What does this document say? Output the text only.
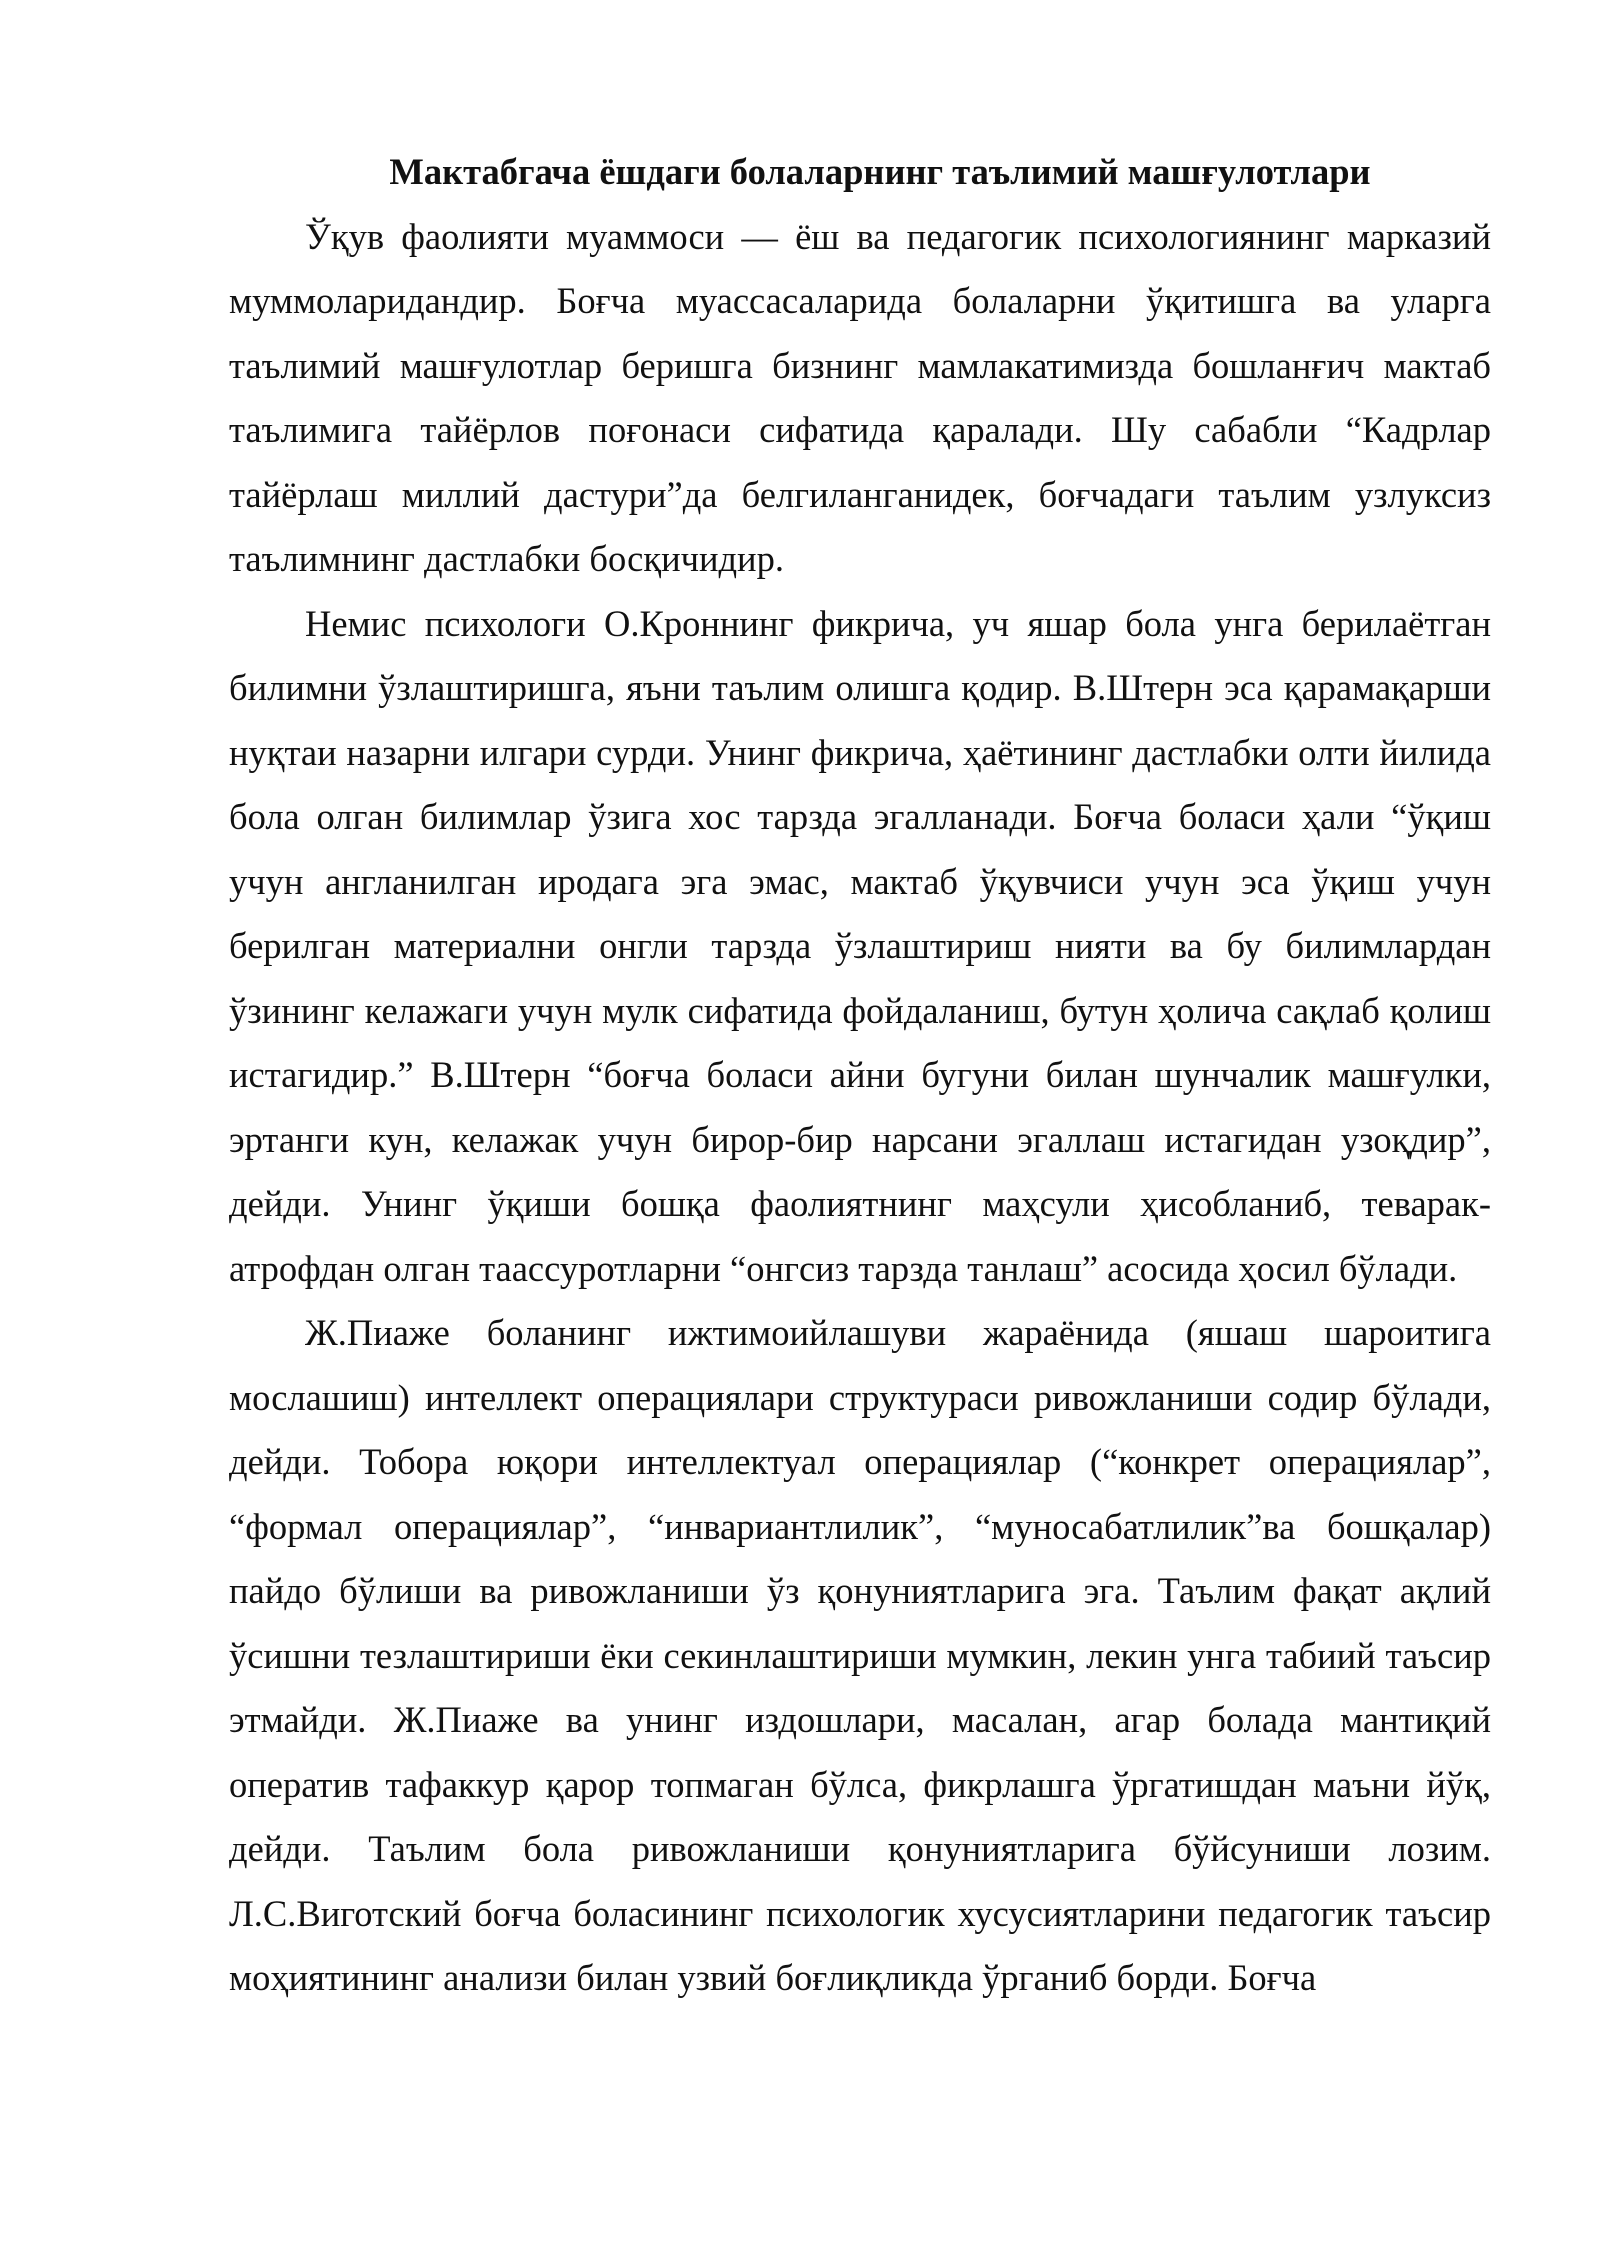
Мактабгача ёшдаги болаларнинг таълимий машғулотлари

Ўқув фаолияти муаммоси — ёш ва педагогик психологиянинг марказий муммоларидандир. Боғча муассасаларида болаларни ўқитишга ва уларга таълимий машғулотлар беришга бизнинг мамлакатимизда бошланғич мактаб таълимига тайёрлов поғонаси сифатида қаралади. Шу сабабли “Кадрлар тайёрлаш миллий дастури”да белгиланганидек, боғчадаги таълим узлуксиз таълимнинг дастлабки босқичидир.

Немис психологи О.Кроннинг фикрича, уч яшар бола унга берилаётган билимни ўзлаштиришга, яъни таълим олишга қодир. В.Штерн эса қарамақарши нуқтаи назарни илгари сурди. Унинг фикрича, ҳаётининг дастлабки олти йилида бола олган билимлар ўзига хос тарзда эгалланади. Боғча боласи ҳали “ўқиш учун англанилган иродага эга эмас, мактаб ўқувчиси учун эса ўқиш учун берилган материални онгли тарзда ўзлаштириш нияти ва бу билимлардан ўзининг келажаги учун мулк сифатида фойдаланиш, бутун ҳолича сақлаб қолиш истагидир.” В.Штерн “боғча боласи айни бугуни билан шунчалик машғулки, эртанги кун, келажак учун бирор-бир нарсани эгаллаш истагидан узоқдир”, дейди. Унинг ўқиши бошқа фаолиятнинг маҳсули ҳисобланиб, теварак- атрофдан олган таассуротларни “онгсиз тарзда танлаш” асосида ҳосил бўлади.

Ж.Пиаже боланинг ижтимоийлашуви жараёнида (яшаш шароитига мослашиш) интеллект операциялари структураси ривожланиши содир бўлади, дейди. Тобора юқори интеллектуал операциялар (“конкрет операциялар”, “формал операциялар”, “инвариантлилик”, “муносабатлилик”ва бошқалар) пайдо бўлиши ва ривожланиши ўз қонуниятларига эга. Таълим фақат ақлий ўсишни тезлаштириши ёки секинлаштириши мумкин, лекин унга табиий таъсир этмайди. Ж.Пиаже ва унинг издошлари, масалан, агар болада мантиқий оператив тафаккур қарор топмаган бўлса, фикрлашга ўргатишдан маъни йўқ, дейди. Таълим бола ривожланиши қонуниятларига бўйсуниши лозим. Л.С.Виготский боғча боласининг психологик хусусиятларини педагогик таъсир моҳиятининг анализи билан узвий боғлиқликда ўрганиб борди. Боғча
